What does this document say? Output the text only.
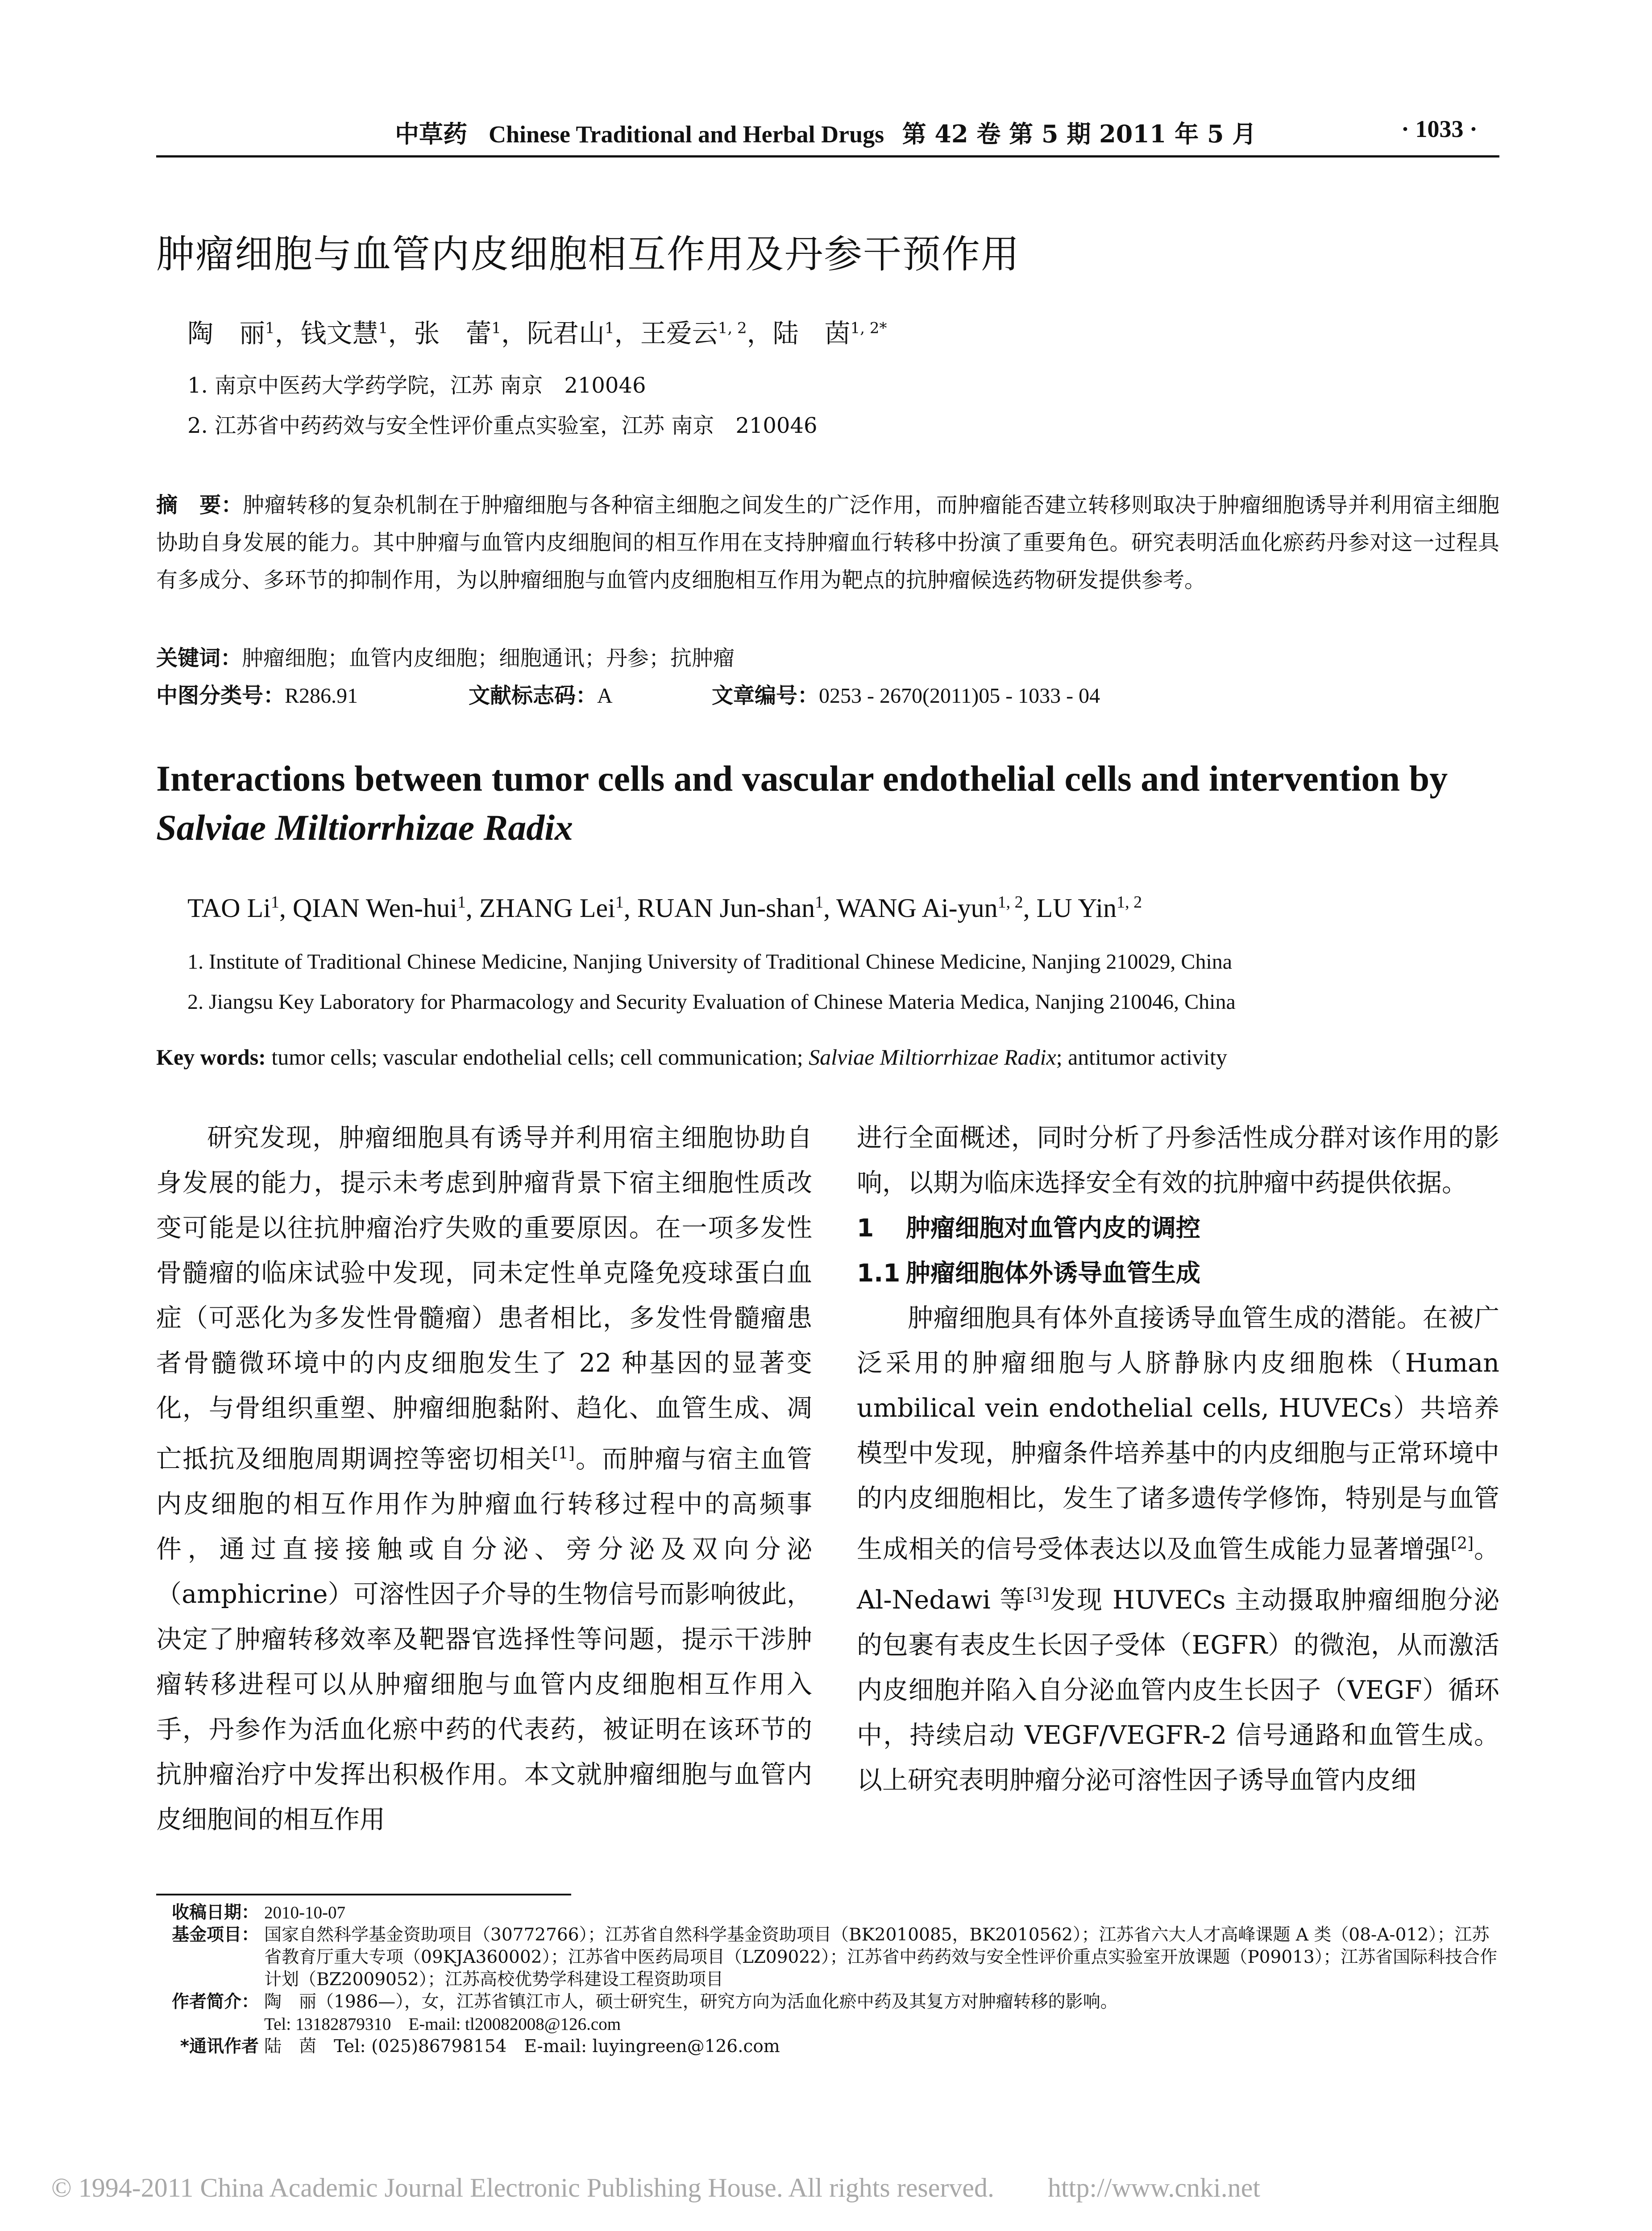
中草药 Chinese Traditional and Herbal Drugs 第 42 卷 第 5 期 2011 年 5 月	· 1033 ·
肿瘤细胞与血管内皮细胞相互作用及丹参干预作用
陶　丽$^1$，钱文慧$^1$，张　蕾$^1$，阮君山$^1$，王爱云$^{1, 2}$，陆　茵$^{1, 2*}$
1. 南京中医药大学药学院，江苏 南京　210046
2. 江苏省中药药效与安全性评价重点实验室，江苏 南京　210046
摘　要：肿瘤转移的复杂机制在于肿瘤细胞与各种宿主细胞之间发生的广泛作用，而肿瘤能否建立转移则取决于肿瘤细胞诱导并利用宿主细胞协助自身发展的能力。其中肿瘤与血管内皮细胞间的相互作用在支持肿瘤血行转移中扮演了重要角色。研究表明活血化瘀药丹参对这一过程具有多成分、多环节的抑制作用，为以肿瘤细胞与血管内皮细胞相互作用为靶点的抗肿瘤候选药物研发提供参考。
关键词：肿瘤细胞；血管内皮细胞；细胞通讯；丹参；抗肿瘤
中图分类号：R286.91	文献标志码：A	文章编号：0253 - 2670(2011)05 - 1033 - 04
Interactions between tumor cells and vascular endothelial cells and intervention by Salviae Miltiorrhizae Radix
TAO Li$^1$, QIAN Wen-hui$^1$, ZHANG Lei$^1$, RUAN Jun-shan$^1$, WANG Ai-yun$^{1, 2}$, LU Yin$^{1, 2}$
1. Institute of Traditional Chinese Medicine, Nanjing University of Traditional Chinese Medicine, Nanjing 210029, China
2. Jiangsu Key Laboratory for Pharmacology and Security Evaluation of Chinese Materia Medica, Nanjing 210046, China
Key words: tumor cells; vascular endothelial cells; cell communication; Salviae Miltiorrhizae Radix; antitumor activity

研究发现，肿瘤细胞具有诱导并利用宿主细胞协助自身发展的能力，提示未考虑到肿瘤背景下宿主细胞性质改变可能是以往抗肿瘤治疗失败的重要原因。在一项多发性骨髓瘤的临床试验中发现，同未定性单克隆免疫球蛋白血症（可恶化为多发性骨髓瘤）患者相比，多发性骨髓瘤患者骨髓微环境中的内皮细胞发生了 22 种基因的显著变化，与骨组织重塑、肿瘤细胞黏附、趋化、血管生成、凋亡抵抗及细胞周期调控等密切相关[1]。而肿瘤与宿主血管内皮细胞的相互作用作为肿瘤血行转移过程中的高频事件，通过直接接触或自分泌、旁分泌及双向分泌（amphicrine）可溶性因子介导的生物信号而影响彼此，决定了肿瘤转移效率及靶器官选择性等问题，提示干涉肿瘤转移进程可以从肿瘤细胞与血管内皮细胞相互作用入手，丹参作为活血化瘀中药的代表药，被证明在该环节的抗肿瘤治疗中发挥出积极作用。本文就肿瘤细胞与血管内皮细胞间的相互作用

进行全面概述，同时分析了丹参活性成分群对该作用的影响，以期为临床选择安全有效的抗肿瘤中药提供依据。

1 肿瘤细胞对血管内皮的调控
1.1 肿瘤细胞体外诱导血管生成

肿瘤细胞具有体外直接诱导血管生成的潜能。在被广泛采用的肿瘤细胞与人脐静脉内皮细胞株（Human umbilical vein endothelial cells, HUVECs）共培养模型中发现，肿瘤条件培养基中的内皮细胞与正常环境中的内皮细胞相比，发生了诸多遗传学修饰，特别是与血管生成相关的信号受体表达以及血管生成能力显著增强[2]。Al-Nedawi 等[3]发现 HUVECs 主动摄取肿瘤细胞分泌的包裹有表皮生长因子受体（EGFR）的微泡，从而激活内皮细胞并陷入自分泌血管内皮生长因子（VEGF）循环中，持续启动 VEGF/VEGFR-2 信号通路和血管生成。以上研究表明肿瘤分泌可溶性因子诱导血管内皮细

收稿日期： 2010-10-07
基金项目： 国家自然科学基金资助项目（30772766）；江苏省自然科学基金资助项目（BK2010085，BK2010562）；江苏省六大人才高峰课题 A 类（08-A-012）；江苏省教育厅重大专项（09KJA360002）；江苏省中医药局项目（LZ09022）；江苏省中药药效与安全性评价重点实验室开放课题（P09013）；江苏省国际科技合作计划（BZ2009052）；江苏高校优势学科建设工程资助项目
作者简介： 陶　丽（1986—），女，江苏省镇江市人，硕士研究生，研究方向为活血化瘀中药及其复方对肿瘤转移的影响。
Tel: 13182879310　E-mail: tl20082008@126.com
*通讯作者 陆　茵　Tel: (025)86798154　E-mail: luyingreen@126.com
© 1994-2011 China Academic Journal Electronic Publishing House. All rights reserved.　　http://www.cnki.net
